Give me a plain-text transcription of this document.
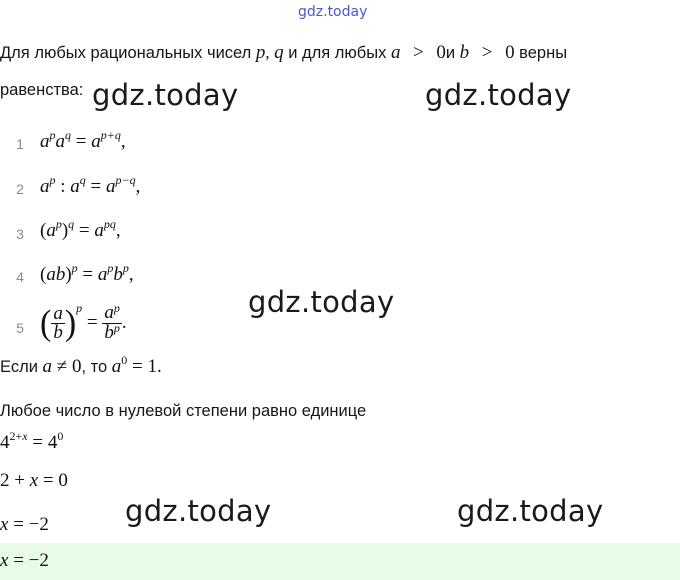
gdz.today
Для любых рациональных чисел p, q и для любых a > 0и b > 0 верны
равенства: gdz.today	gdz.today
gdz.today
gdz.today	gdz.today
1
2
3
4
5
$a^pa^q = a^{p+q}$,
$a^p$ : $a^q = a^{p-q}$,
$(a^p)^q = a^{pq}$,
$(ab)^p = a^pb^p$,
( $\frac{a}{b} )^p = \frac{a^p}{b^p}$ .
Если a ≠ 0, то $a^0 = 1$.
Любое число в нулевой степени равно единице
$4^{2+x} = 4^0$
2 + x = 0
x = −2
x = −2
